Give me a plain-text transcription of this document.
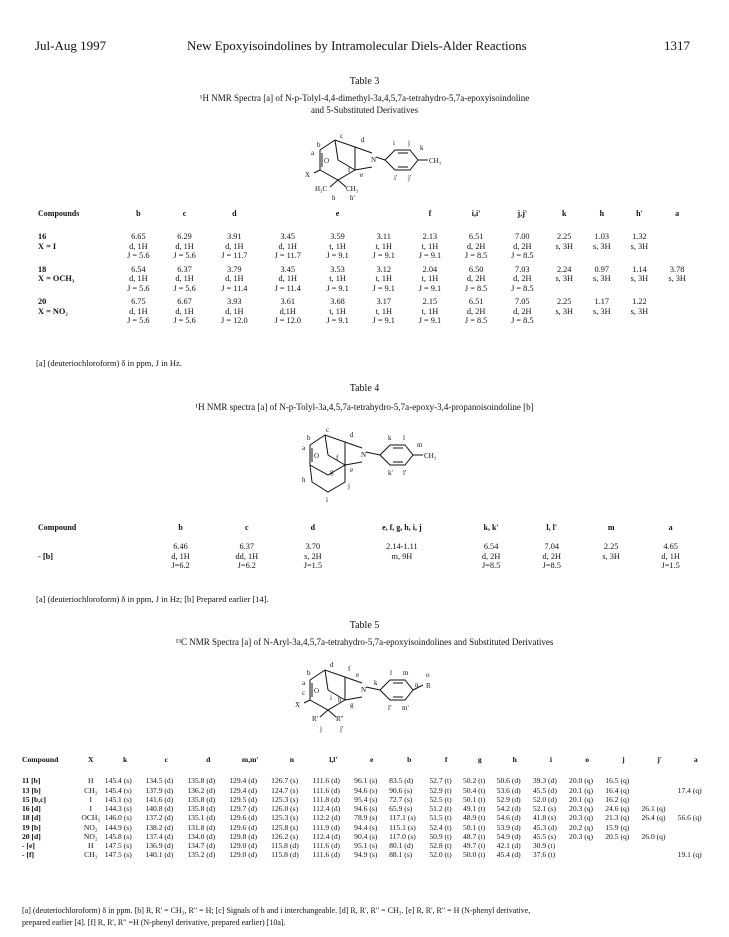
Jul-Aug 1997	New Epoxyisoindolines by Intramolecular Diels-Alder Reactions	1317
Table 3
¹H NMR Spectra [a] of N-p-Tolyl-4,4-dimethyl-3a,4,5,7a-tetrahydro-5,7a-epoxyisoindoline
and 5-Substituted Derivatives
O	N
a
b
c	d
e
f
i j
k
i' j'
CH₃
X
H₃C	CH₃
h h'
Compounds	b	c	d		e		f	i,i'	j,j'	k	h	h'	a
16	6.65	6.29	3.91	3.45	3.59	3.11	2.13	6.51	7.00	2.25	1.03	1.32	
X = I	d, 1H	d, 1H	d, 1H	d, 1H	t, 1H	t, 1H	t, 1H	d, 2H	d, 2H	s, 3H	s, 3H	s, 3H	
	J = 5.6	J = 5.6	J = 11.7	J = 11.7	J = 9.1	J = 9.1	J = 9.1	J = 8.5	J = 8.5				
18	6.54	6.37	3.79	3.45	3.53	3.12	2.04	6.50	7.03	2.24	0.97	1.14	3.78
X = OCH₃	d, 1H	d, 1H	d, 1H	d, 1H	t, 1H	t, 1H	t, 1H	d, 2H	d, 2H	s, 3H	s, 3H	s, 3H	s, 3H
	J = 5.6	J = 5.6	J = 11.4	J = 11.4	J = 9.1	J = 9.1	J = 9.1	J = 8.5	J = 8.5				
20	6.75	6.67	3.93	3.61	3.68	3.17	2.15	6.51	7.05	2.25	1.17	1.22	
X = NO₂	d, 1H	d, 1H	d, 1H	d,1H	t, 1H	t, 1H	t, 1H	d, 2H	d, 2H	s, 3H	s, 3H	s, 3H	
	J = 5.6	J = 5.6	J = 12.0	J = 12.0	J = 9.1	J = 9.1	J = 9.1	J = 8.5	J = 8.5				
[a] (deuteriochloroform) δ in ppm, J in Hz.
Table 4
¹H NMR spectra [a] of N-p-Tolyl-3a,4,5,7a-tetrahydro-5,7a-epoxy-3,4-propanoisoindoline [b]
O	N
a
b
c
d
e
f
g
h
i
j
k l
k' l'
m
CH₃
Compound	b	c	d	e, f, g, h, i, j	k, k'	l, l'	m	a
	6.46	6.37	3.70	2.14-1.11	6.54	7.04	2.25	4.65
- [b]	d, 1H	dd, 1H	s, 2H	m, 9H	d, 2H	d, 2H	s, 3H	d, 1H
	J=6.2	J=6.2	J=1.5		J=8.5	J=8.5		J=1.5
[a] (deuteriochloroform) δ in ppm, J in Hz; [b] Prepared earlier [14].
Table 5
¹³C NMR Spectra [a] of N-Aryl-3a,4,5,7a-tetrahydro-5,7a-epoxyisoindolines and Substituted Derivatives
O	N
a
b
d
c
f
e
g
h
i
k
l m
l' m'
n
o
R
X
R'	R"
j	j'
Compound	X	k	c	d	m,m'	n	l,l'	e	b	f	g	h	i	o	j	j'	a
11 [b]	H	145.4 (s)	134.5 (d)	135.8 (d)	129.4 (d)	126.7 (s)	111.6 (d)	96.1 (s)	83.5 (d)	52.7 (t)	50.2 (t)	50.6 (d)	39.3 (d)	20.0 (q)	16.5 (q)		
13 [b]	CH₃	145.4 (s)	137.9 (d)	136.2 (d)	129.4 (d)	124.7 (s)	111.6 (d)	94.6 (s)	90.6 (s)	52.9 (t)	50.4 (t)	53.6 (d)	45.5 (d)	20.1 (q)	16.4 (q)		17.4 (q)
15 [b,c]	I	145.1 (s)	141.6 (d)	135.8 (d)	129.5 (d)	125.3 (s)	111.8 (d)	95.4 (s)	72.7 (s)	52.5 (t)	50.1 (t)	52.9 (d)	52.0 (d)	20.1 (q)	16.2 (q)		
16 [d]	I	144.3 (s)	140.8 (d)	135.8 (d)	129.7 (d)	126.0 (s)	112.4 (d)	94.6 (s)	65.9 (s)	51.2 (t)	49.1 (t)	54.2 (d)	52.1 (s)	20.3 (q)	24.6 (q)	26.1 (q)	
18 [d]	OCH₃	146.0 (s)	137.2 (d)	135.1 (d)	129.6 (d)	125.3 (s)	112.2 (d)	78.9 (s)	117.1 (s)	51.5 (t)	48.9 (t)	54.6 (d)	41.8 (s)	20.3 (q)	21.3 (q)	26.4 (q)	56.6 (q)
19 [b]	NO₂	144.9 (s)	138.2 (d)	131.8 (d)	129.6 (d)	125.8 (s)	111.9 (d)	94.4 (s)	115.1 (s)	52.4 (t)	50.1 (t)	53.9 (d)	45.3 (d)	20.2 (q)	15.9 (q)		
20 [d]	NO₂	145.8 (s)	137.4 (d)	134.0 (d)	129.8 (d)	126.2 (s)	112.4 (d)	90.4 (s)	117.0 (s)	50.9 (t)	48.7 (t)	54.9 (d)	45.5 (s)	20.3 (q)	20.5 (q)	26.0 (q)	
- [e]	H	147.5 (s)	136.9 (d)	134.7 (d)	129.0 (d)	115.8 (d)	111.6 (d)	95.1 (s)	80.1 (d)	52.8 (t)	49.7 (t)	42.1 (d)	30.9 (t)				
- [f]	CH₃	147.5 (s)	140.1 (d)	135.2 (d)	129.0 (d)	115.8 (d)	111.6 (d)	94.9 (s)	88.1 (s)	52.0 (t)	50.0 (t)	45.4 (d)	37.6 (t)				19.1 (q)
[a] (deuteriochloroform) δ in ppm. [b] R, R' = CH₃, R" = H; [c] Signals of h and i interchangeable. [d] R, R', R" = CH₃. [e] R, R', R" = H (N-phenyl derivative,
prepared earlier [4]. [f] R, R', R" =H (N-phenyl derivative, prepared earlier) [10a].
